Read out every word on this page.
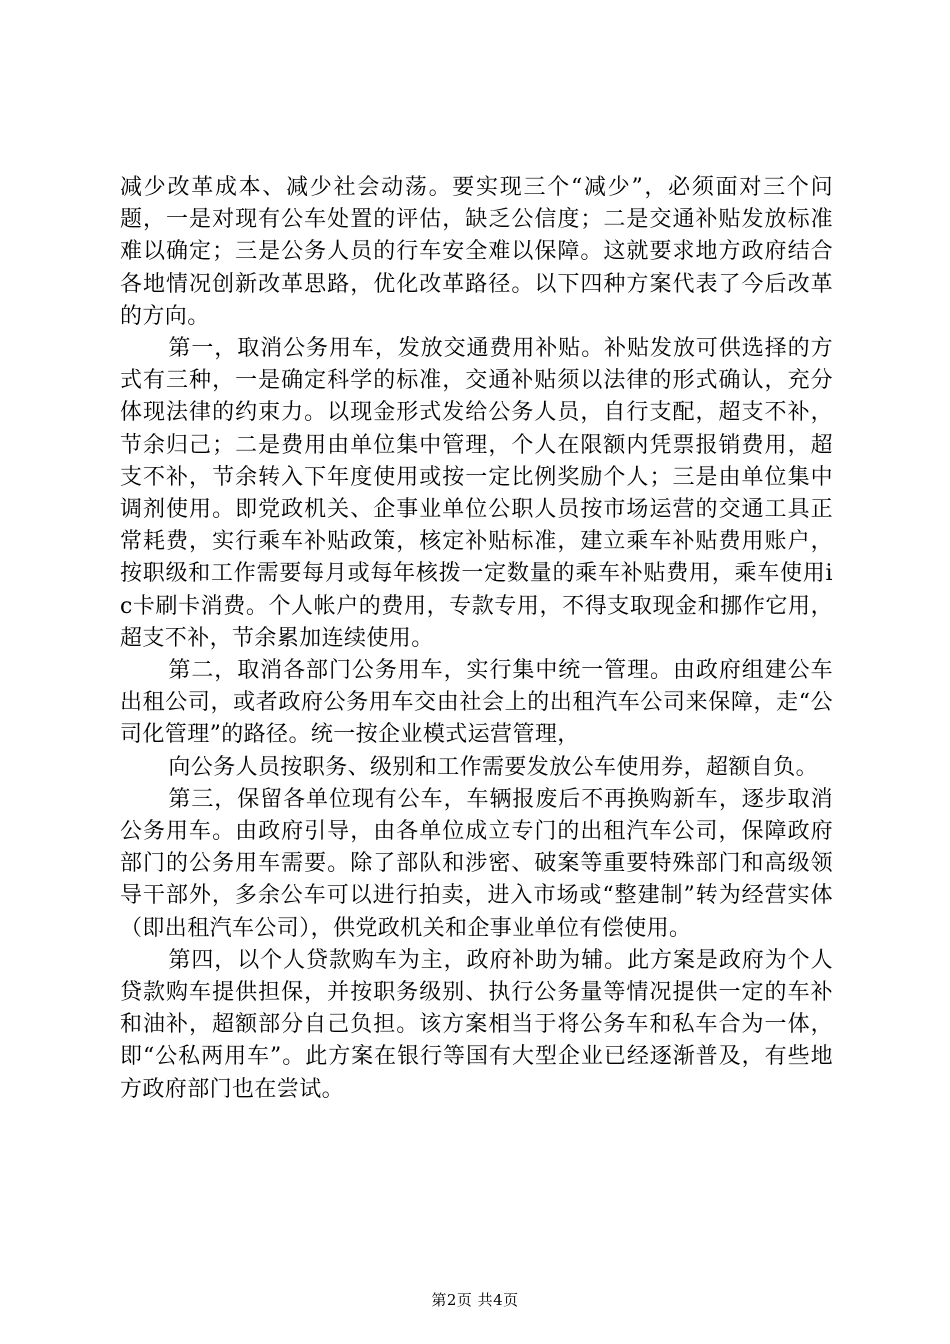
减少改革成本、减少社会动荡。要实现三个“减少”，必须面对三个问题，一是对现有公车处置的评估，缺乏公信度；二是交通补贴发放标准难以确定；三是公务人员的行车安全难以保障。这就要求地方政府结合各地情况创新改革思路，优化改革路径。以下四种方案代表了今后改革的方向。

第一，取消公务用车，发放交通费用补贴。补贴发放可供选择的方式有三种，一是确定科学的标准，交通补贴须以法律的形式确认，充分体现法律的约束力。以现金形式发给公务人员，自行支配，超支不补，节余归己；二是费用由单位集中管理，个人在限额内凭票报销费用，超支不补，节余转入下年度使用或按一定比例奖励个人；三是由单位集中调剂使用。即党政机关、企事业单位公职人员按市场运营的交通工具正常耗费，实行乘车补贴政策，核定补贴标准，建立乘车补贴费用账户，按职级和工作需要每月或每年核拨一定数量的乘车补贴费用，乘车使用ic卡刷卡消费。个人帐户的费用，专款专用，不得支取现金和挪作它用，超支不补，节余累加连续使用。

第二，取消各部门公务用车，实行集中统一管理。由政府组建公车出租公司，或者政府公务用车交由社会上的出租汽车公司来保障，走“公司化管理”的路径。统一按企业模式运营管理，

向公务人员按职务、级别和工作需要发放公车使用券，超额自负。

第三，保留各单位现有公车，车辆报废后不再换购新车，逐步取消公务用车。由政府引导，由各单位成立专门的出租汽车公司，保障政府部门的公务用车需要。除了部队和涉密、破案等重要特殊部门和高级领导干部外，多余公车可以进行拍卖，进入市场或“整建制”转为经营实体（即出租汽车公司），供党政机关和企事业单位有偿使用。

第四，以个人贷款购车为主，政府补助为辅。此方案是政府为个人贷款购车提供担保，并按职务级别、执行公务量等情况提供一定的车补和油补，超额部分自己负担。该方案相当于将公务车和私车合为一体，即“公私两用车”。此方案在银行等国有大型企业已经逐渐普及，有些地方政府部门也在尝试。

第2页 共4页
